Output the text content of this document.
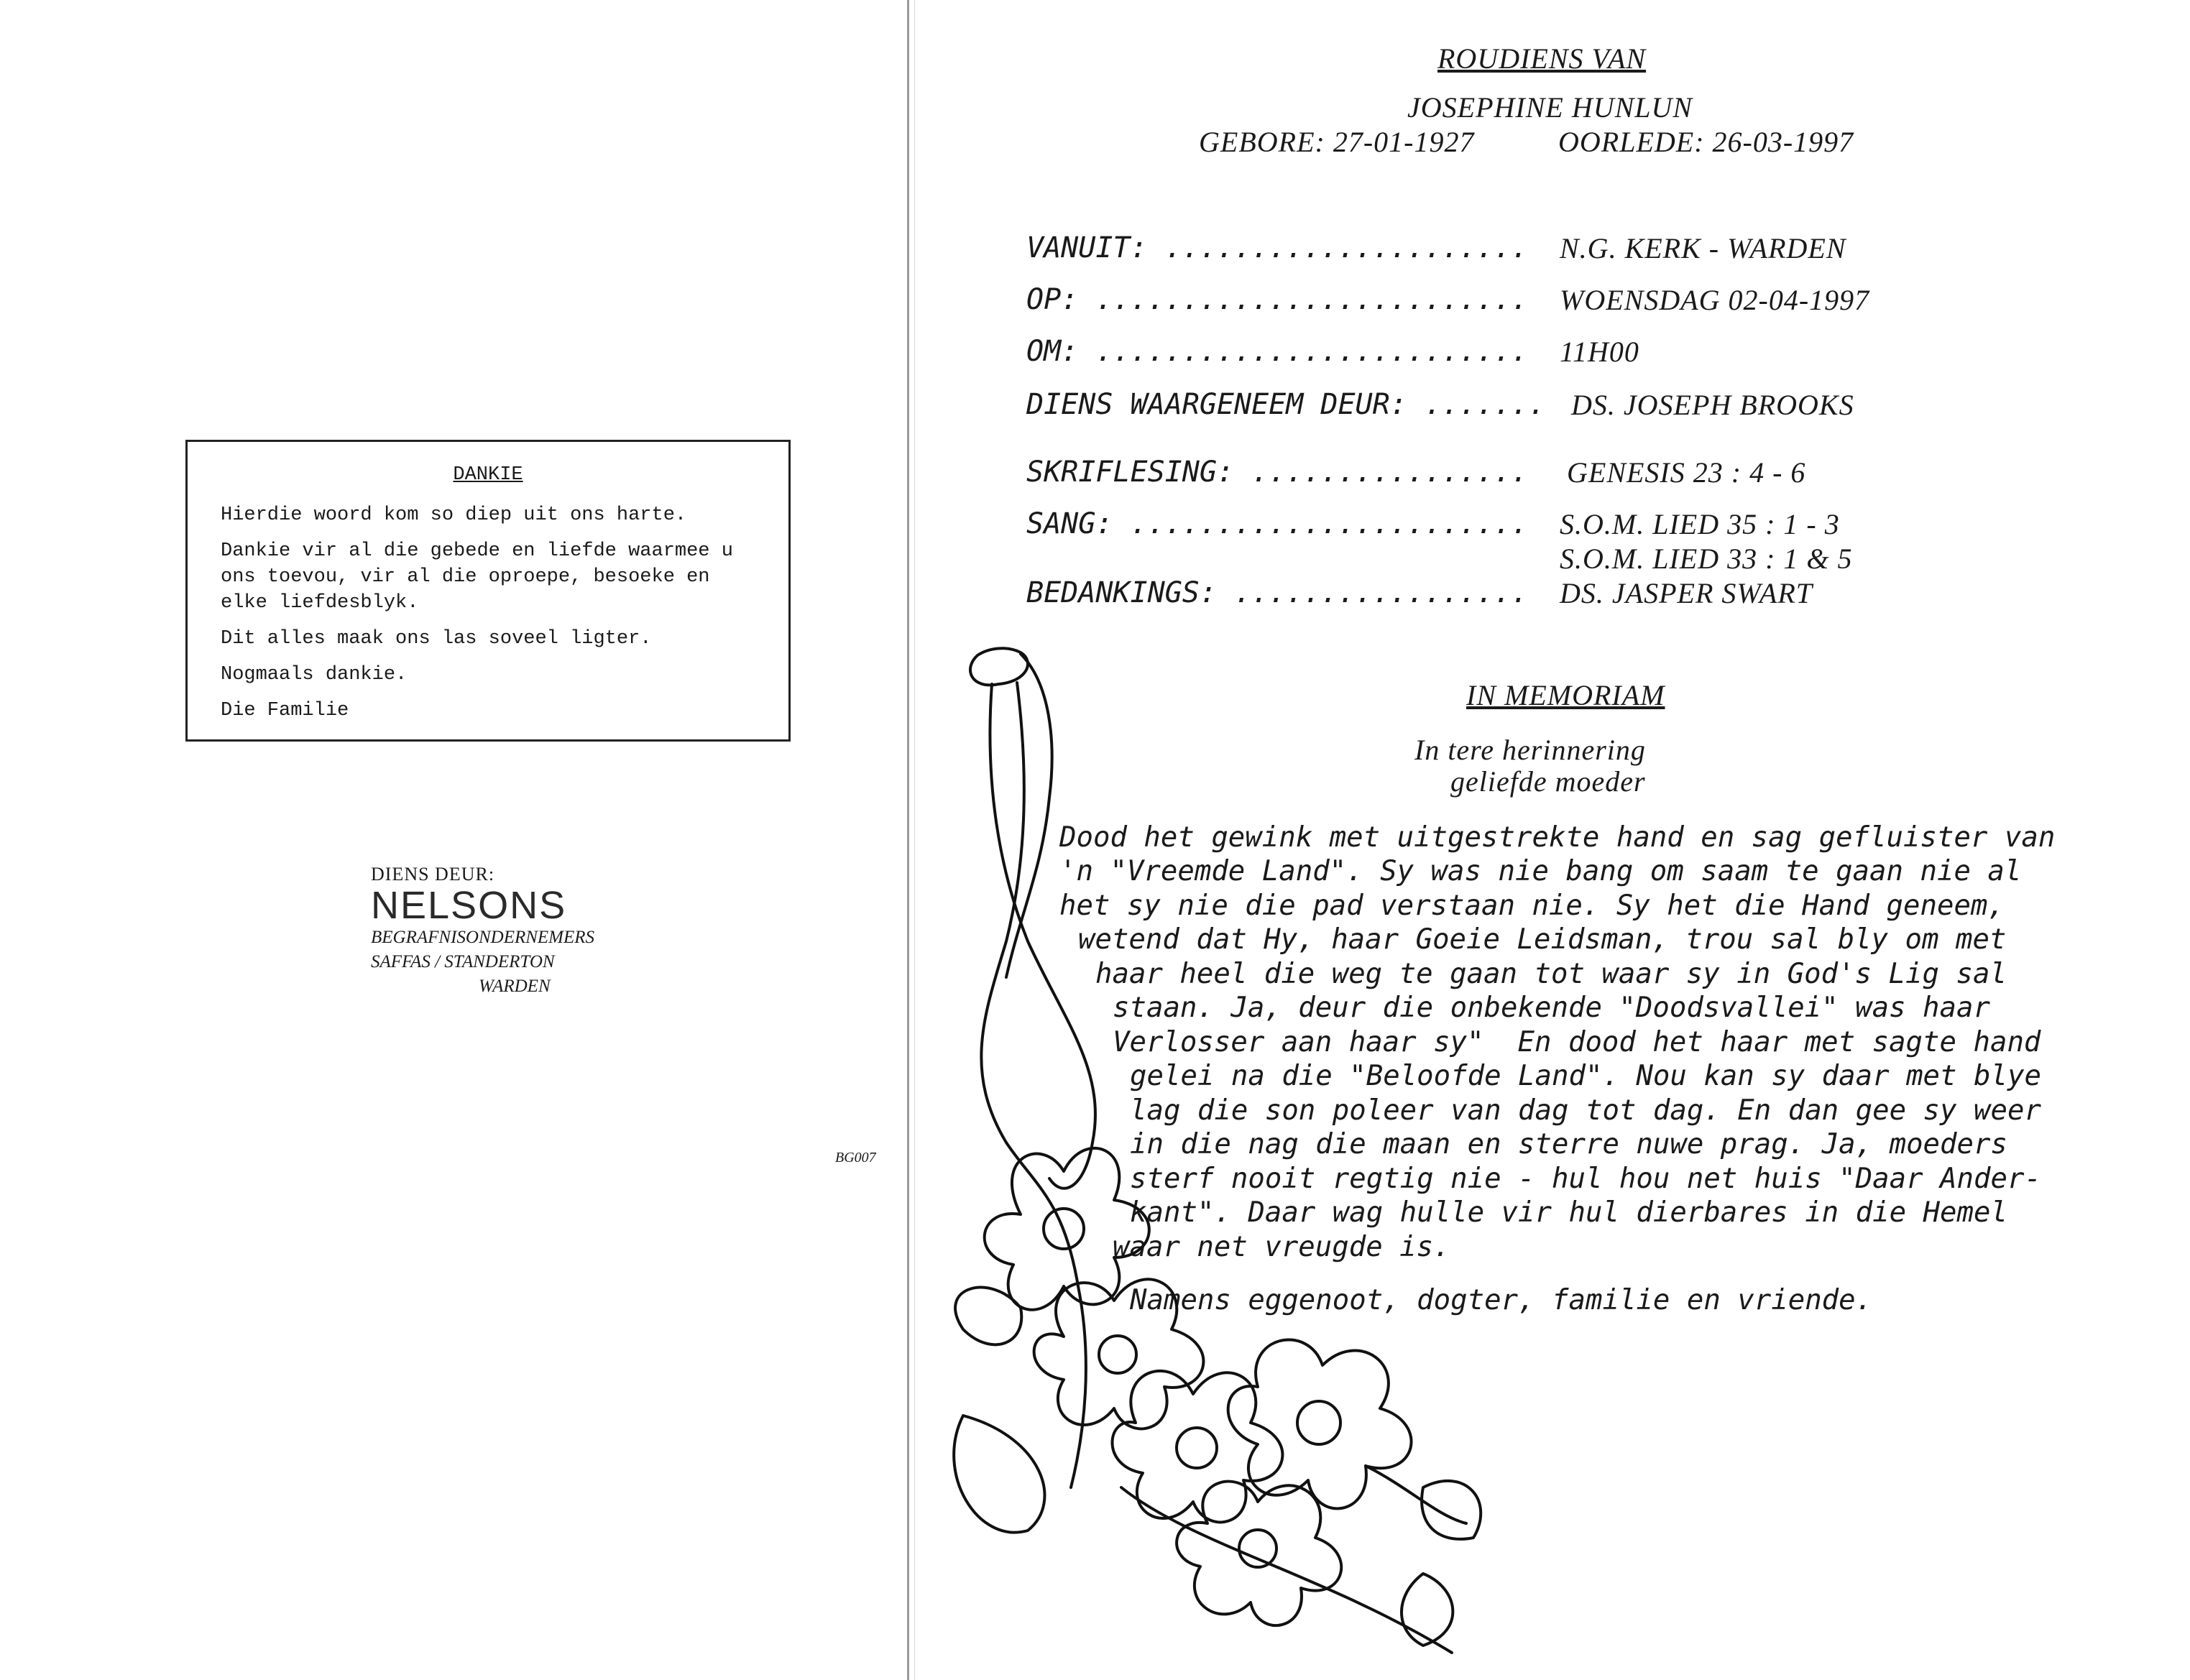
DANKIE

Hierdie woord kom so diep uit ons harte.

Dankie vir al die gebede en liefde waarmee u ons toevou, vir al die oproepe, besoeke en elke liefdesblyk.

Dit alles maak ons las soveel ligter.

Nogmaals dankie.

Die Familie

DIENS DEUR:
NELSONS
BEGRAFNISONDERNEMERS
SAFFAS / STANDERTON
WARDEN
BG007
ROUDIENS VAN
JOSEPHINE HUNLUN
GEBORE: 27-01-1927	OORLEDE: 26-03-1997
VANUIT: ..................... N.G. KERK - WARDEN
OP: ......................... WOENSDAG 02-04-1997
OM: ......................... 11H00
DIENS WAARGENEEM DEUR: ....... DS. JOSEPH BROOKS
SKRIFLESING: ................ GENESIS 23 : 4 - 6
SANG: ....................... S.O.M. LIED 35 : 1 - 3
S.O.M. LIED 33 : 1 & 5
BEDANKINGS: ................. DS. JASPER SWART
IN MEMORIAM
In tere herinnering
geliefde moeder
Dood het gewink met uitgestrekte hand en sag gefluister van
'n "Vreemde Land". Sy was nie bang om saam te gaan nie al
het sy nie die pad verstaan nie. Sy het die Hand geneem,
wetend dat Hy, haar Goeie Leidsman, trou sal bly om met
haar heel die weg te gaan tot waar sy in God's Lig sal
staan. Ja, deur die onbekende "Doodsvallei" was haar
Verlosser aan haar sy"  En dood het haar met sagte hand
gelei na die "Beloofde Land". Nou kan sy daar met blye
lag die son poleer van dag tot dag. En dan gee sy weer
in die nag die maan en sterre nuwe prag. Ja, moeders
sterf nooit regtig nie - hul hou net huis "Daar Ander-
kant". Daar wag hulle vir hul dierbares in die Hemel
waar net vreugde is.
Namens eggenoot, dogter, familie en vriende.
